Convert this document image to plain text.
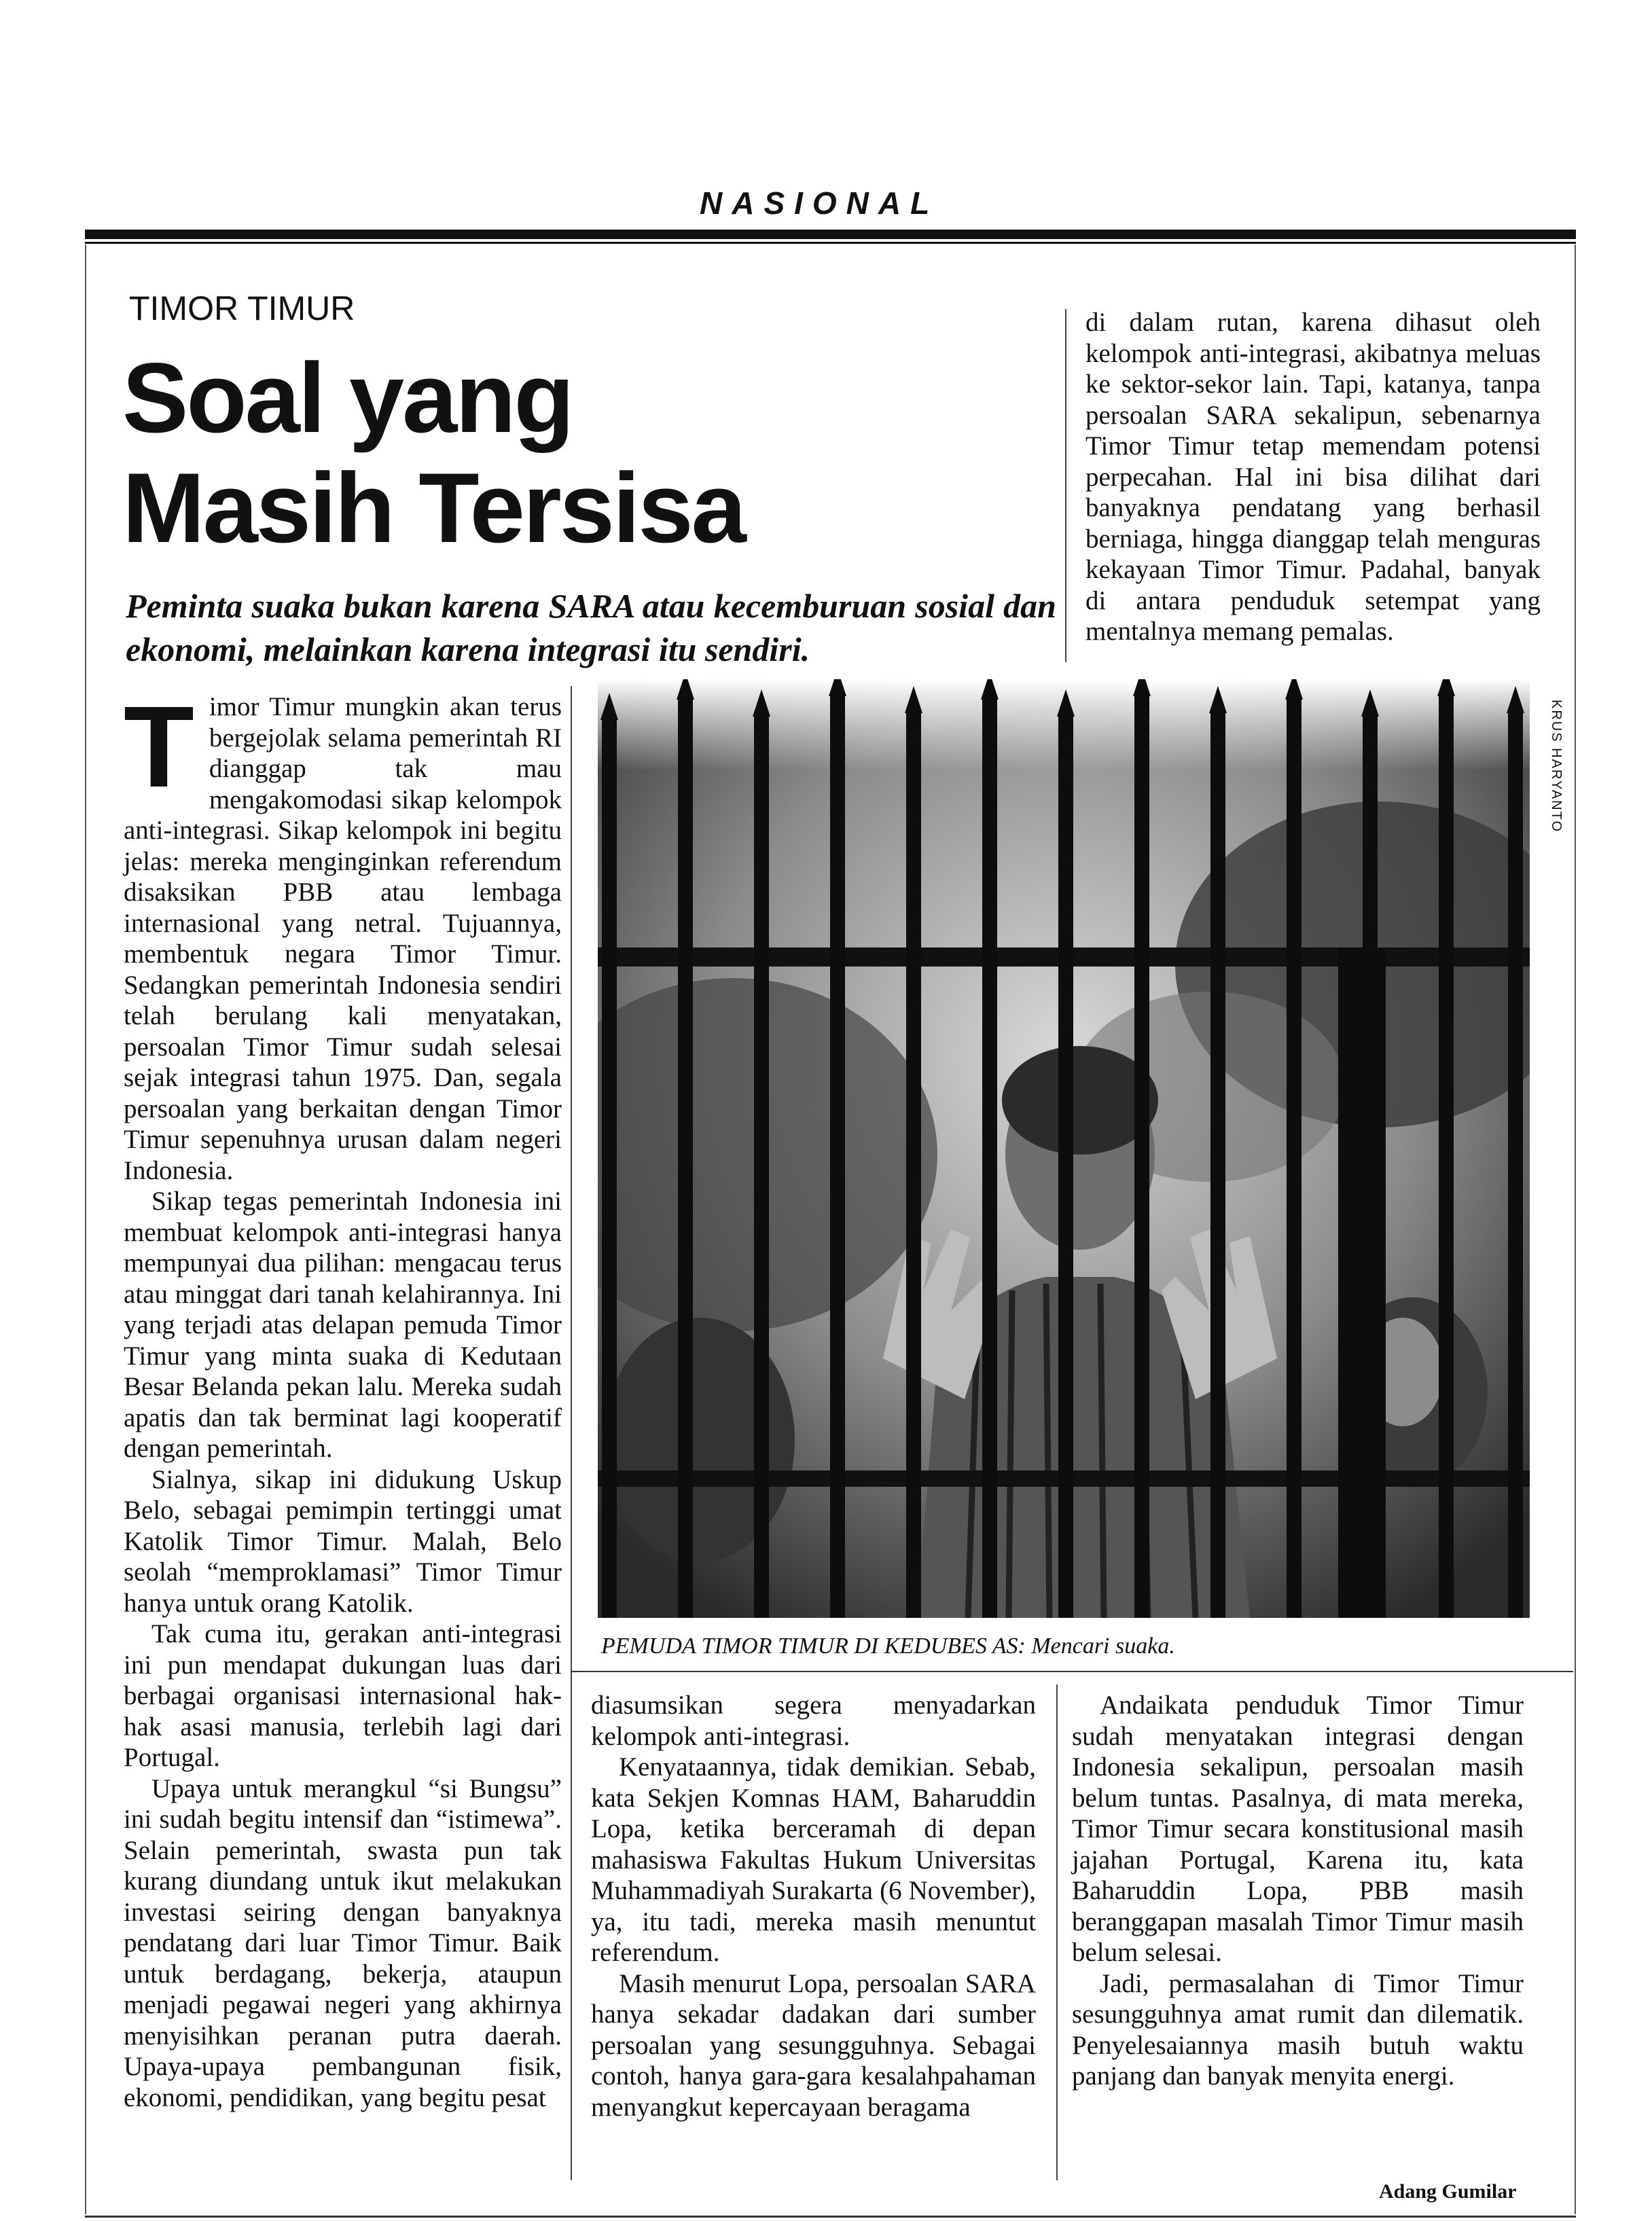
NASIONAL
TIMOR TIMUR
Soal yang
Masih Tersisa
Peminta suaka bukan karena SARA atau kecemburuan sosial dan ekonomi, melainkan karena integrasi itu sendiri.

di dalam rutan, karena dihasut oleh kelompok anti-integrasi, akibatnya meluas ke sektor-sekor lain. Tapi, katanya, tanpa persoalan SARA sekalipun, sebenarnya Timor Timur tetap memendam potensi perpecahan. Hal ini bisa dilihat dari banyaknya pendatang yang berhasil berniaga, hingga dianggap telah menguras kekayaan Timor Timur. Padahal, banyak di antara penduduk setempat yang mentalnya memang pemalas.

Timor Timur mungkin akan terus bergejolak selama pemerintah RI dianggap tak mau mengakomodasi sikap kelompok anti-integrasi. Sikap kelompok ini begitu jelas: mereka menginginkan referendum disaksikan PBB atau lembaga internasional yang netral. Tujuannya, membentuk negara Timor Timur. Sedangkan pemerintah Indonesia sendiri telah berulang kali menyatakan, persoalan Timor Timur sudah selesai sejak integrasi tahun 1975. Dan, segala persoalan yang berkaitan dengan Timor Timur sepenuhnya urusan dalam negeri Indonesia.

Sikap tegas pemerintah Indonesia ini membuat kelompok anti-integrasi hanya mempunyai dua pilihan: mengacau terus atau minggat dari tanah kelahirannya. Ini yang terjadi atas delapan pemuda Timor Timur yang minta suaka di Kedutaan Besar Belanda pekan lalu. Mereka sudah apatis dan tak berminat lagi kooperatif dengan pemerintah.

Sialnya, sikap ini didukung Uskup Belo, sebagai pemimpin tertinggi umat Katolik Timor Timur. Malah, Belo seolah “memproklamasi” Timor Timur hanya untuk orang Katolik.

Tak cuma itu, gerakan anti-integrasi ini pun mendapat dukungan luas dari berbagai organisasi internasional hak-hak asasi manusia, terlebih lagi dari Portugal.

Upaya untuk merangkul “si Bungsu” ini sudah begitu intensif dan “istimewa”. Selain pemerintah, swasta pun tak kurang diundang untuk ikut melakukan investasi seiring dengan banyaknya pendatang dari luar Timor Timur. Baik untuk berdagang, bekerja, ataupun menjadi pegawai negeri yang akhirnya menyisihkan peranan putra daerah. Upaya-upaya pembangunan fisik, ekonomi, pendidikan, yang begitu pesat

KRUS HARYANTO
PEMUDA TIMOR TIMUR DI KEDUBES AS: Mencari suaka.

diasumsikan segera menyadarkan kelompok anti-integrasi.

Kenyataannya, tidak demikian. Sebab, kata Sekjen Komnas HAM, Baharuddin Lopa, ketika berceramah di depan mahasiswa Fakultas Hukum Universitas Muhammadiyah Surakarta (6 November), ya, itu tadi, mereka masih menuntut referendum.

Masih menurut Lopa, persoalan SARA hanya sekadar dadakan dari sumber persoalan yang sesungguhnya. Sebagai contoh, hanya gara-gara kesalahpahaman menyangkut kepercayaan beragama

Andaikata penduduk Timor Timur sudah menyatakan integrasi dengan Indonesia sekalipun, persoalan masih belum tuntas. Pasalnya, di mata mereka, Timor Timur secara konstitusional masih jajahan Portugal, Karena itu, kata Baharuddin Lopa, PBB masih beranggapan masalah Timor Timur masih belum selesai.

Jadi, permasalahan di Timor Timur sesungguhnya amat rumit dan dilematik. Penyelesaiannya masih butuh waktu panjang dan banyak menyita energi.

Adang Gumilar
